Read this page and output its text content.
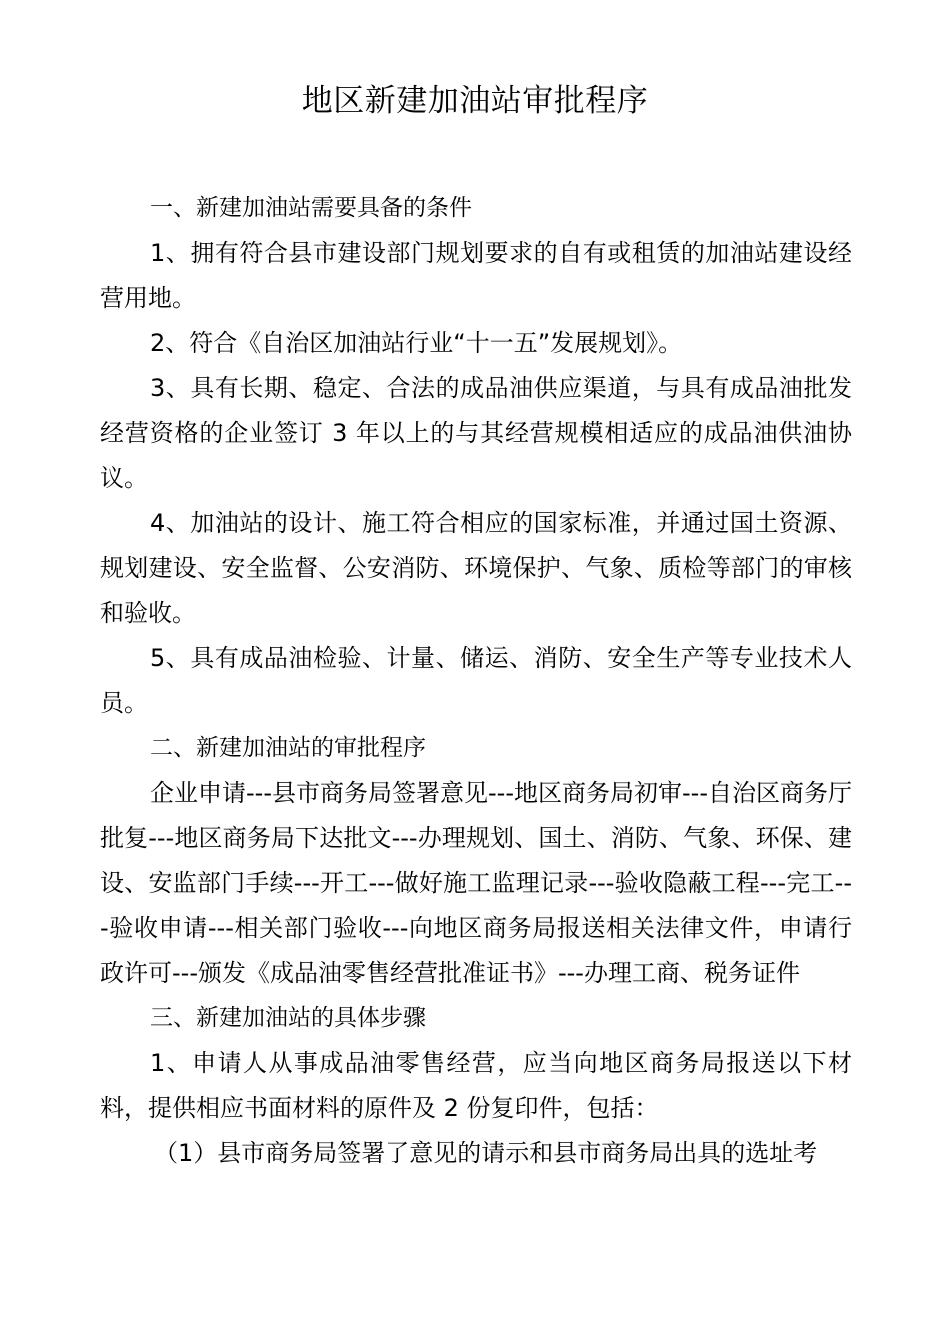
地区新建加油站审批程序

一、新建加油站需要具备的条件

1、拥有符合县市建设部门规划要求的自有或租赁的加油站建设经营用地。

2、符合《自治区加油站行业“十一五”发展规划》。

3、具有长期、稳定、合法的成品油供应渠道，与具有成品油批发经营资格的企业签订 3 年以上的与其经营规模相适应的成品油供油协议。

4、加油站的设计、施工符合相应的国家标准，并通过国土资源、规划建设、安全监督、公安消防、环境保护、气象、质检等部门的审核和验收。

5、具有成品油检验、计量、储运、消防、安全生产等专业技术人员。

二、新建加油站的审批程序

企业申请---县市商务局签署意见---地区商务局初审---自治区商务厅批复---地区商务局下达批文---办理规划、国土、消防、气象、环保、建设、安监部门手续---开工---做好施工监理记录---验收隐蔽工程---完工---验收申请---相关部门验收---向地区商务局报送相关法律文件，申请行政许可---颁发《成品油零售经营批准证书》---办理工商、税务证件

三、新建加油站的具体步骤

1、申请人从事成品油零售经营，应当向地区商务局报送以下材料，提供相应书面材料的原件及 2 份复印件，包括：

（1）县市商务局签署了意见的请示和县市商务局出具的选址考
